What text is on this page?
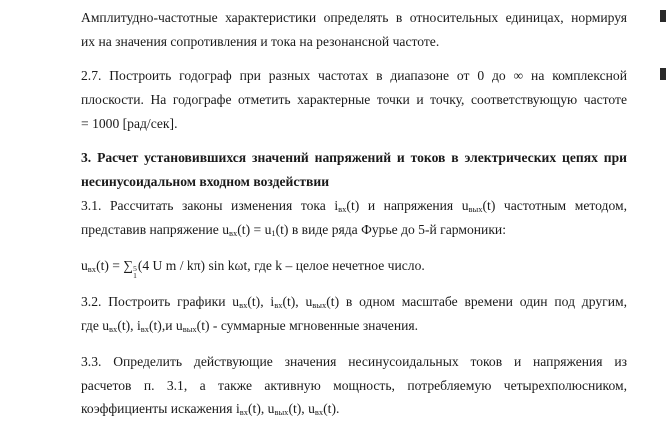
Амплитудно-частотные характеристики определять в относительных единицах, нормируя
их на значения сопротивления и тока на резонансной частоте.
2.7. Построить годограф при разных частотах в диапазоне от 0 до ∞ на комплексной
плоскости. На годографе отметить характерные точки и точку, соответствующую частоте
= 1000 [рад/сек].
3. Расчет установившихся значений напряжений и токов в электрических цепях при
несинусоидальном входном воздействии
3.1. Рассчитать законы изменения тока $i_{вх}(t)$ и напряжения $u_{вых}(t)$ частотным методом,
представив напряжение $u_{вх}(t) = u_1(t)$ в виде ряда Фурье до 5-й гармоники:
$u_{вх}(t)$ = ∑ 5
1
(4 U m / kπ) sin kωt, где k – целое нечетное число.
3.2. Построить графики $u_{вх}(t)$, $i_{вх}(t)$, $u_{вых}(t)$ в одном масштабе времени один под другим,
где $u_{вх}(t)$, $i_{вх}(t),и$ $u_{вых}(t)$ - суммарные мгновенные значения.
3.3. Определить действующие значения несинусоидальных токов и напряжения из
расчетов п. 3.1, а также активную мощность, потребляемую четырехполюсником,
коэффициенты искажения $i_{вх}(t)$, $u_{вых}(t)$, $u_{вх}(t)$.
